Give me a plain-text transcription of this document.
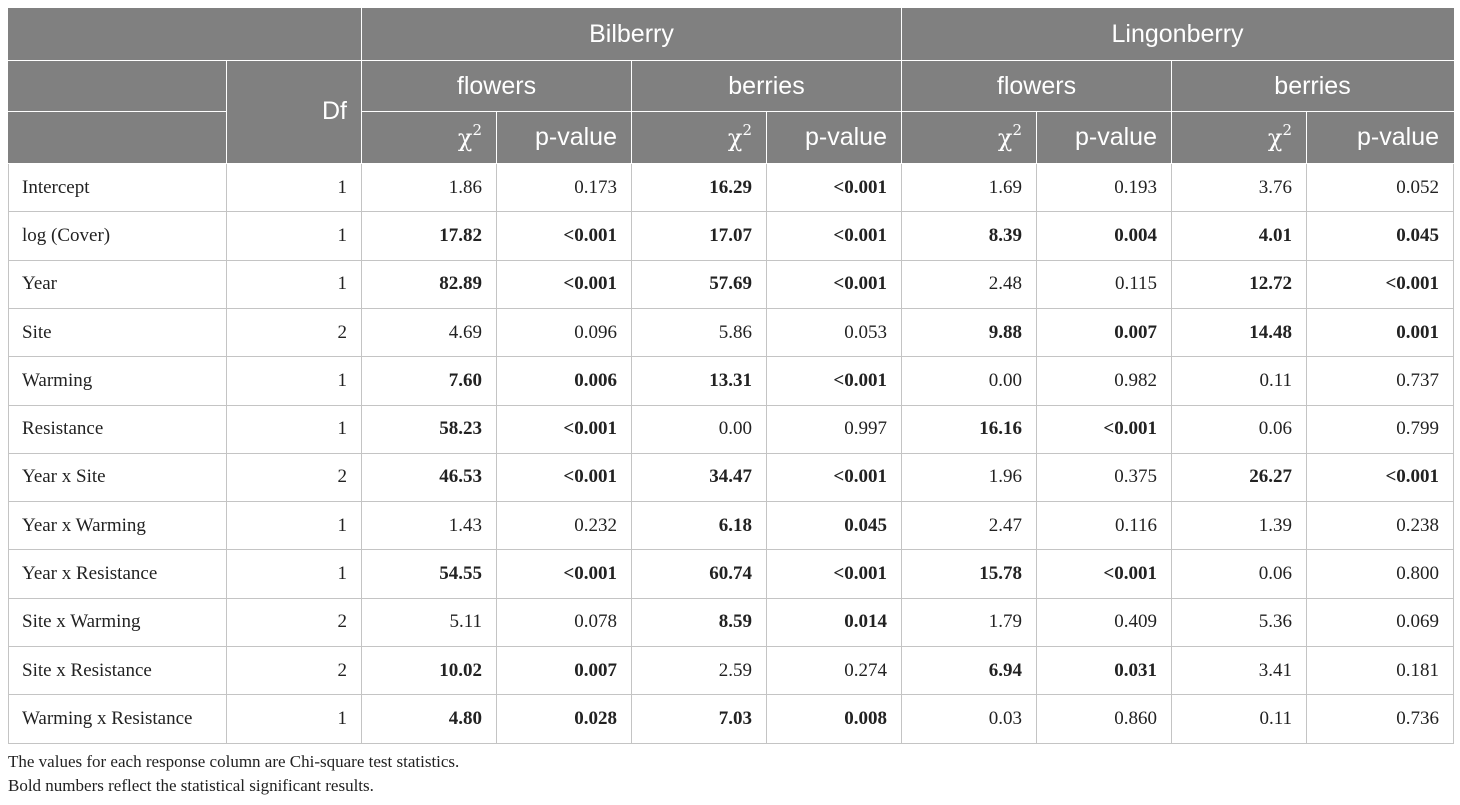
		Bilberry				Lingonberry			
	Df	flowers		berries		flowers		berries	
		$\chi^2$	p-value	$\chi^2$	p-value	$\chi^2$	p-value	$\chi^2$	p-value
Intercept	1	1.86	0.173	16.29	<0.001	1.69	0.193	3.76	0.052
log (Cover)	1	17.82	<0.001	17.07	<0.001	8.39	0.004	4.01	0.045
Year	1	82.89	<0.001	57.69	<0.001	2.48	0.115	12.72	<0.001
Site	2	4.69	0.096	5.86	0.053	9.88	0.007	14.48	0.001
Warming	1	7.60	0.006	13.31	<0.001	0.00	0.982	0.11	0.737
Resistance	1	58.23	<0.001	0.00	0.997	16.16	<0.001	0.06	0.799
Year x Site	2	46.53	<0.001	34.47	<0.001	1.96	0.375	26.27	<0.001
Year x Warming	1	1.43	0.232	6.18	0.045	2.47	0.116	1.39	0.238
Year x Resistance	1	54.55	<0.001	60.74	<0.001	15.78	<0.001	0.06	0.800
Site x Warming	2	5.11	0.078	8.59	0.014	1.79	0.409	5.36	0.069
Site x Resistance	2	10.02	0.007	2.59	0.274	6.94	0.031	3.41	0.181
Warming x Resistance	1	4.80	0.028	7.03	0.008	0.03	0.860	0.11	0.736
The values for each response column are Chi-square test statistics.
Bold numbers reflect the statistical significant results.
